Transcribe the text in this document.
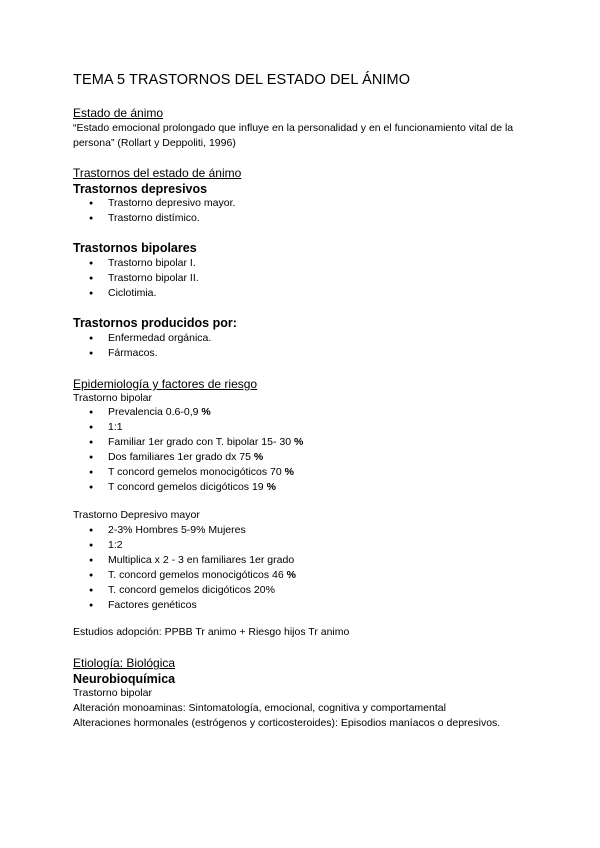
TEMA 5 TRASTORNOS DEL ESTADO DEL ÁNIMO
Estado de ánimo
“Estado emocional prolongado que influye en la personalidad y en el funcionamiento vital de la persona” (Rollart y Deppoliti, 1996)
Trastornos del estado de ánimo
Trastornos depresivos
● Trastorno depresivo mayor.
● Trastorno distímico.
Trastornos bipolares
● Trastorno bipolar I.
● Trastorno bipolar II.
● Ciclotimia.
Trastornos producidos por:
● Enfermedad orgánica.
● Fármacos.
Epidemiología y factores de riesgo
Trastorno bipolar
● Prevalencia 0.6-0,9 %
● 1:1
● Familiar 1er grado con T. bipolar 15- 30 %
● Dos familiares 1er grado dx 75 %
● T concord gemelos monocigóticos 70 %
● T concord gemelos dicigóticos 19 %
Trastorno Depresivo mayor
● 2-3% Hombres 5-9% Mujeres
● 1:2
● Multiplica x 2 - 3 en familiares 1er grado
● T. concord gemelos monocigóticos 46 %
● T. concord gemelos dicigóticos 20%
● Factores genéticos
Estudios adopción: PPBB Tr animo + Riesgo hijos Tr animo
Etiología: Biológica
Neurobioquímica
Trastorno bipolar
Alteración monoaminas: Sintomatología, emocional, cognitiva y comportamental
Alteraciones hormonales (estrógenos y corticosteroides): Episodios maníacos o depresivos.
